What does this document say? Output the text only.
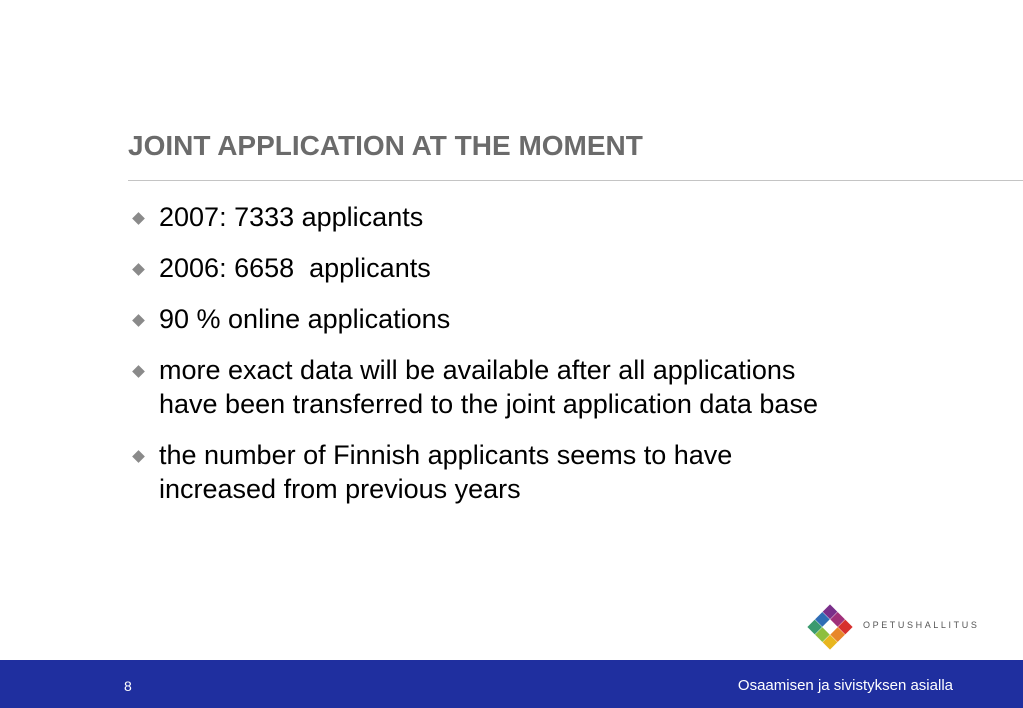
JOINT APPLICATION AT THE MOMENT
2007: 7333 applicants
2006: 6658  applicants
90 % online applications
more exact data will be available after all applications
have been transferred to the joint application data base
the number of Finnish applicants seems to have
increased from previous years
OPETUSHALLITUS
8	Osaamisen ja sivistyksen asialla
